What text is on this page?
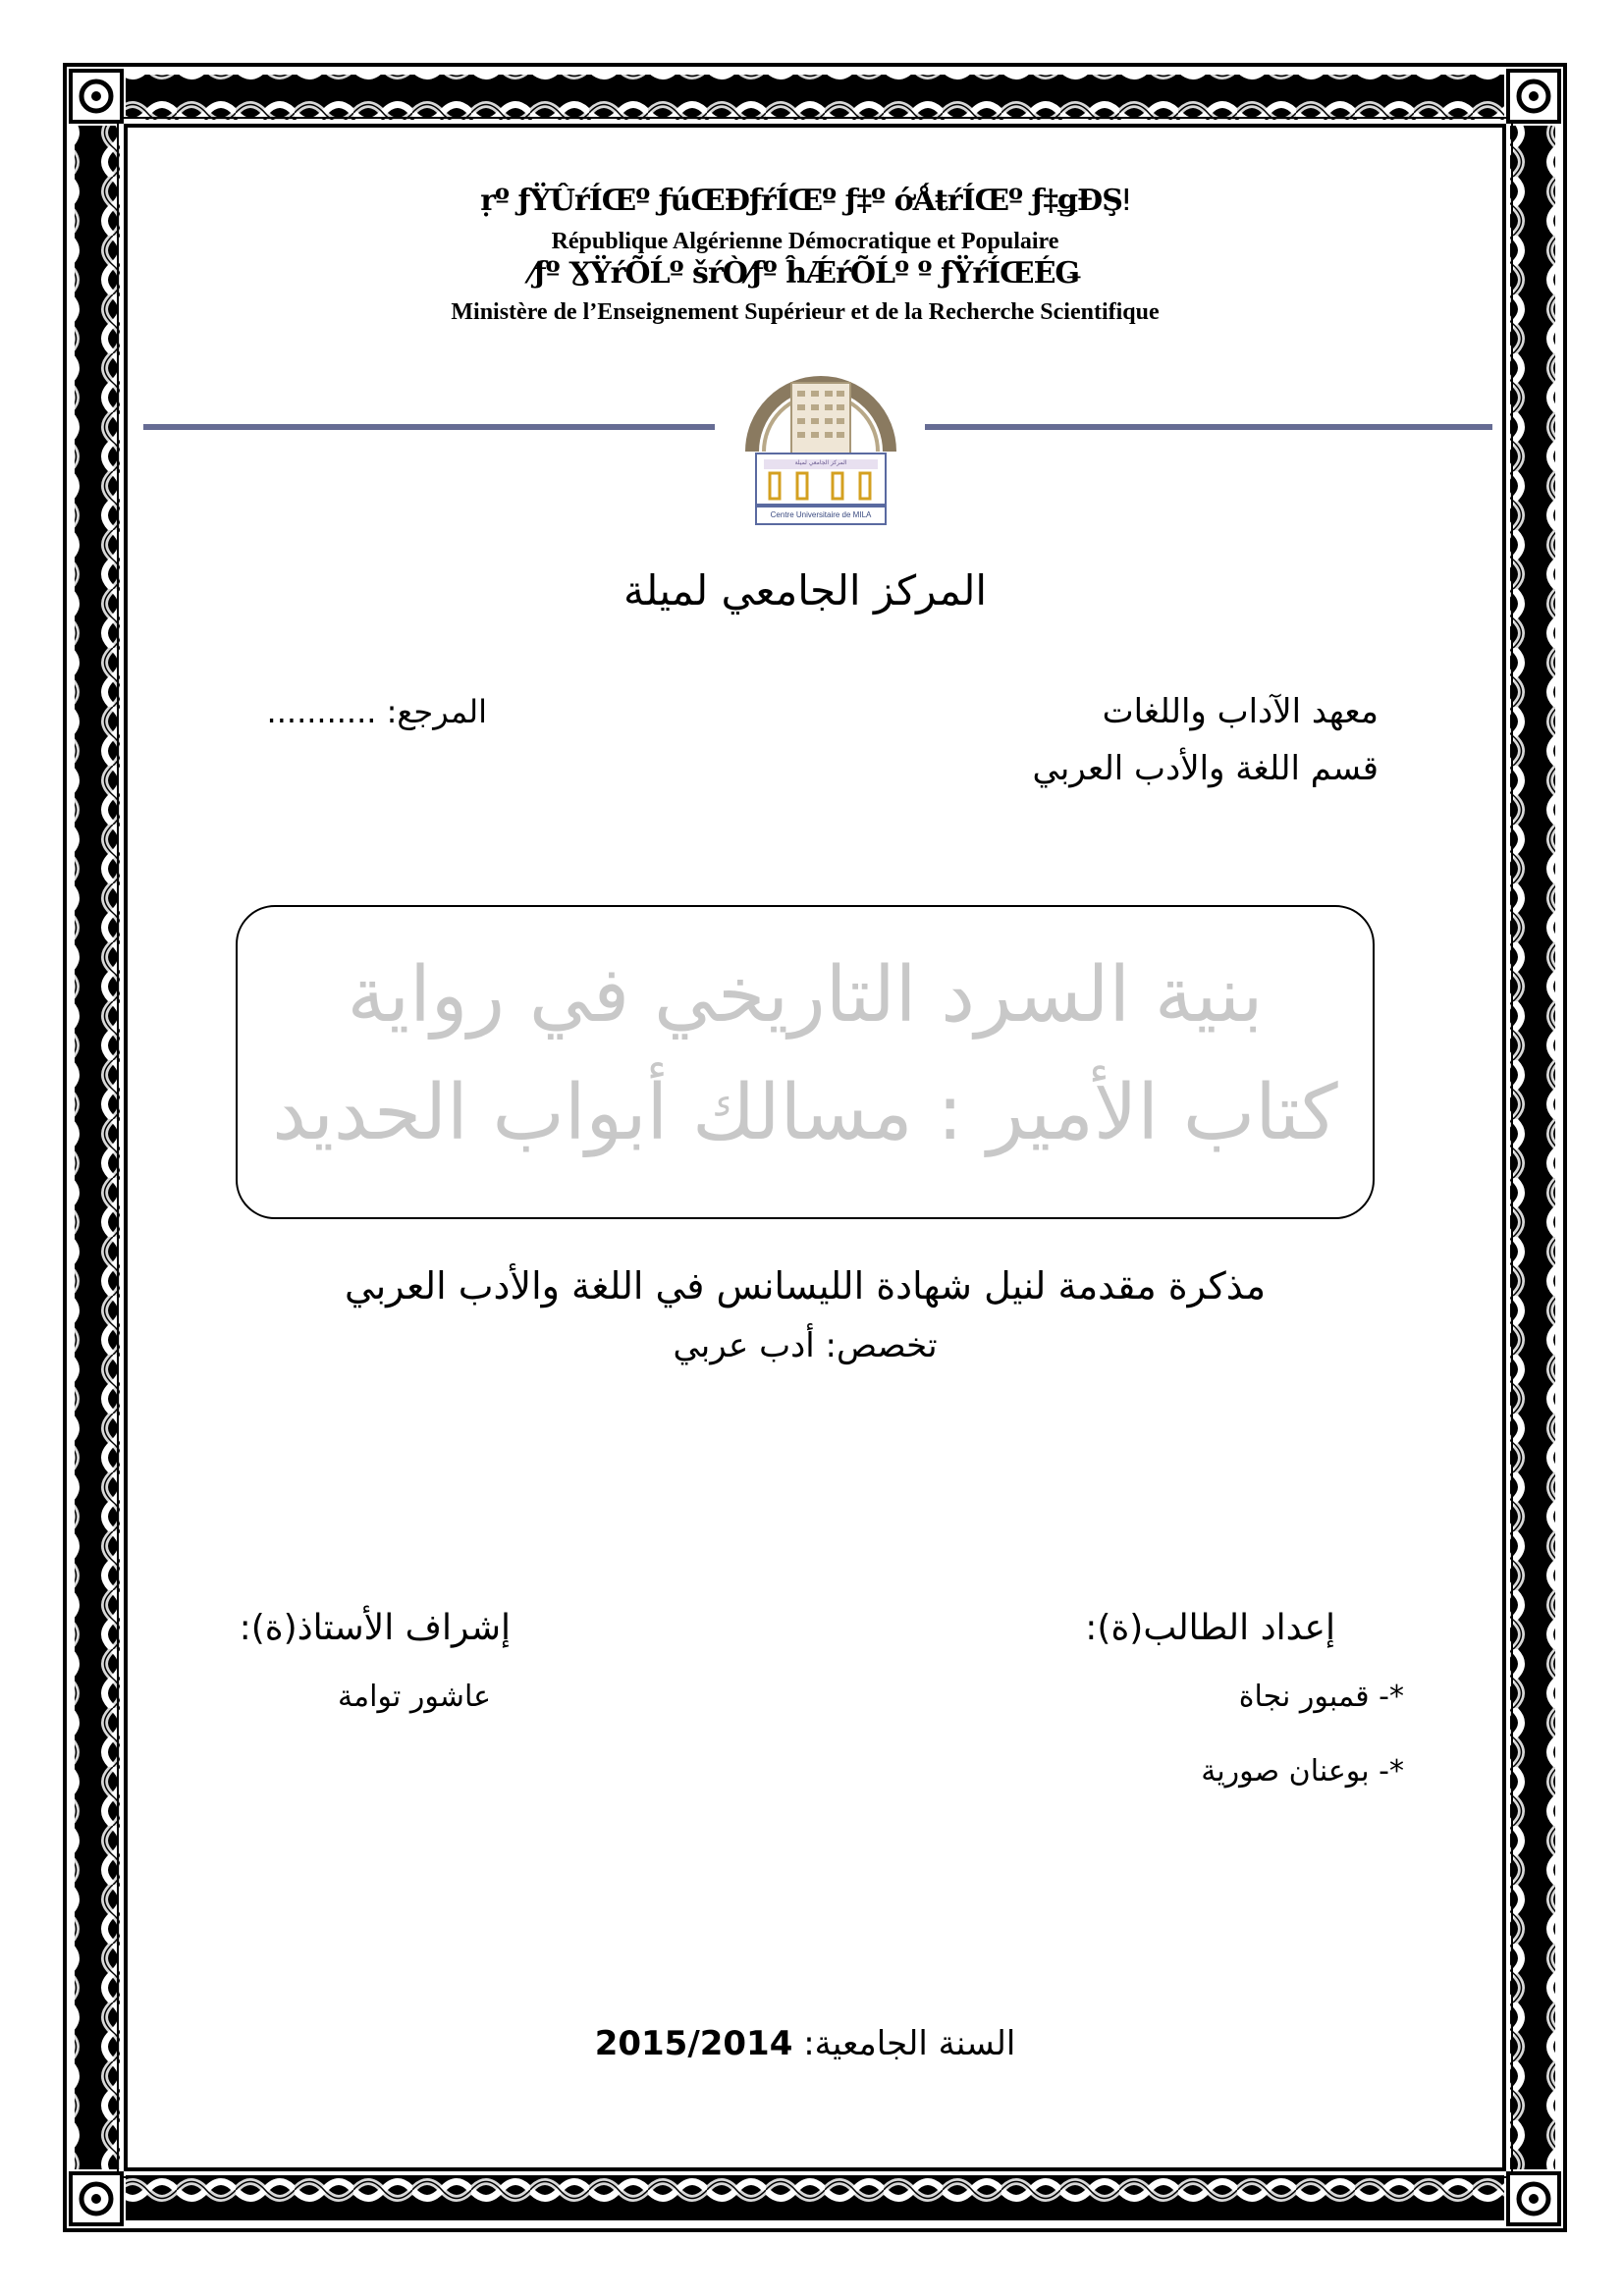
ṛº ƒŸÛŕÍŒº ƒúŒĐƒŕÍŒº ƒ‡º ớǺŧŕÍŒº ƒ‡ǥÐŞǃ
République Algérienne Démocratique et Populaire
⁄ƒº ƔŸŕÕĹº šŕÒ⁄ƒº ĥǼŕÕĹº º ƒŸŕÍŒÉǤ
Ministère de l’Enseignement Supérieur et de la Recherche Scientifique
المركز الجامعي لميلة
Centre Universitaire de MILA
المركز الجامعي لميلة
معهد الآداب واللغات
قسم اللغة والأدب العربي
المرجع: ...........
بنية السرد التاريخي في رواية
كتاب الأمير : مسالك أبواب الحديد
مذكرة مقدمة لنيل شهادة الليسانس في اللغة والأدب العربي
تخصص: أدب عربي
إعداد الطالب(ة):
*- قمبور نجاة
*- بوعنان صورية
إشراف الأستاذ(ة):
عاشور توامة
السنة الجامعية: 2015/2014
